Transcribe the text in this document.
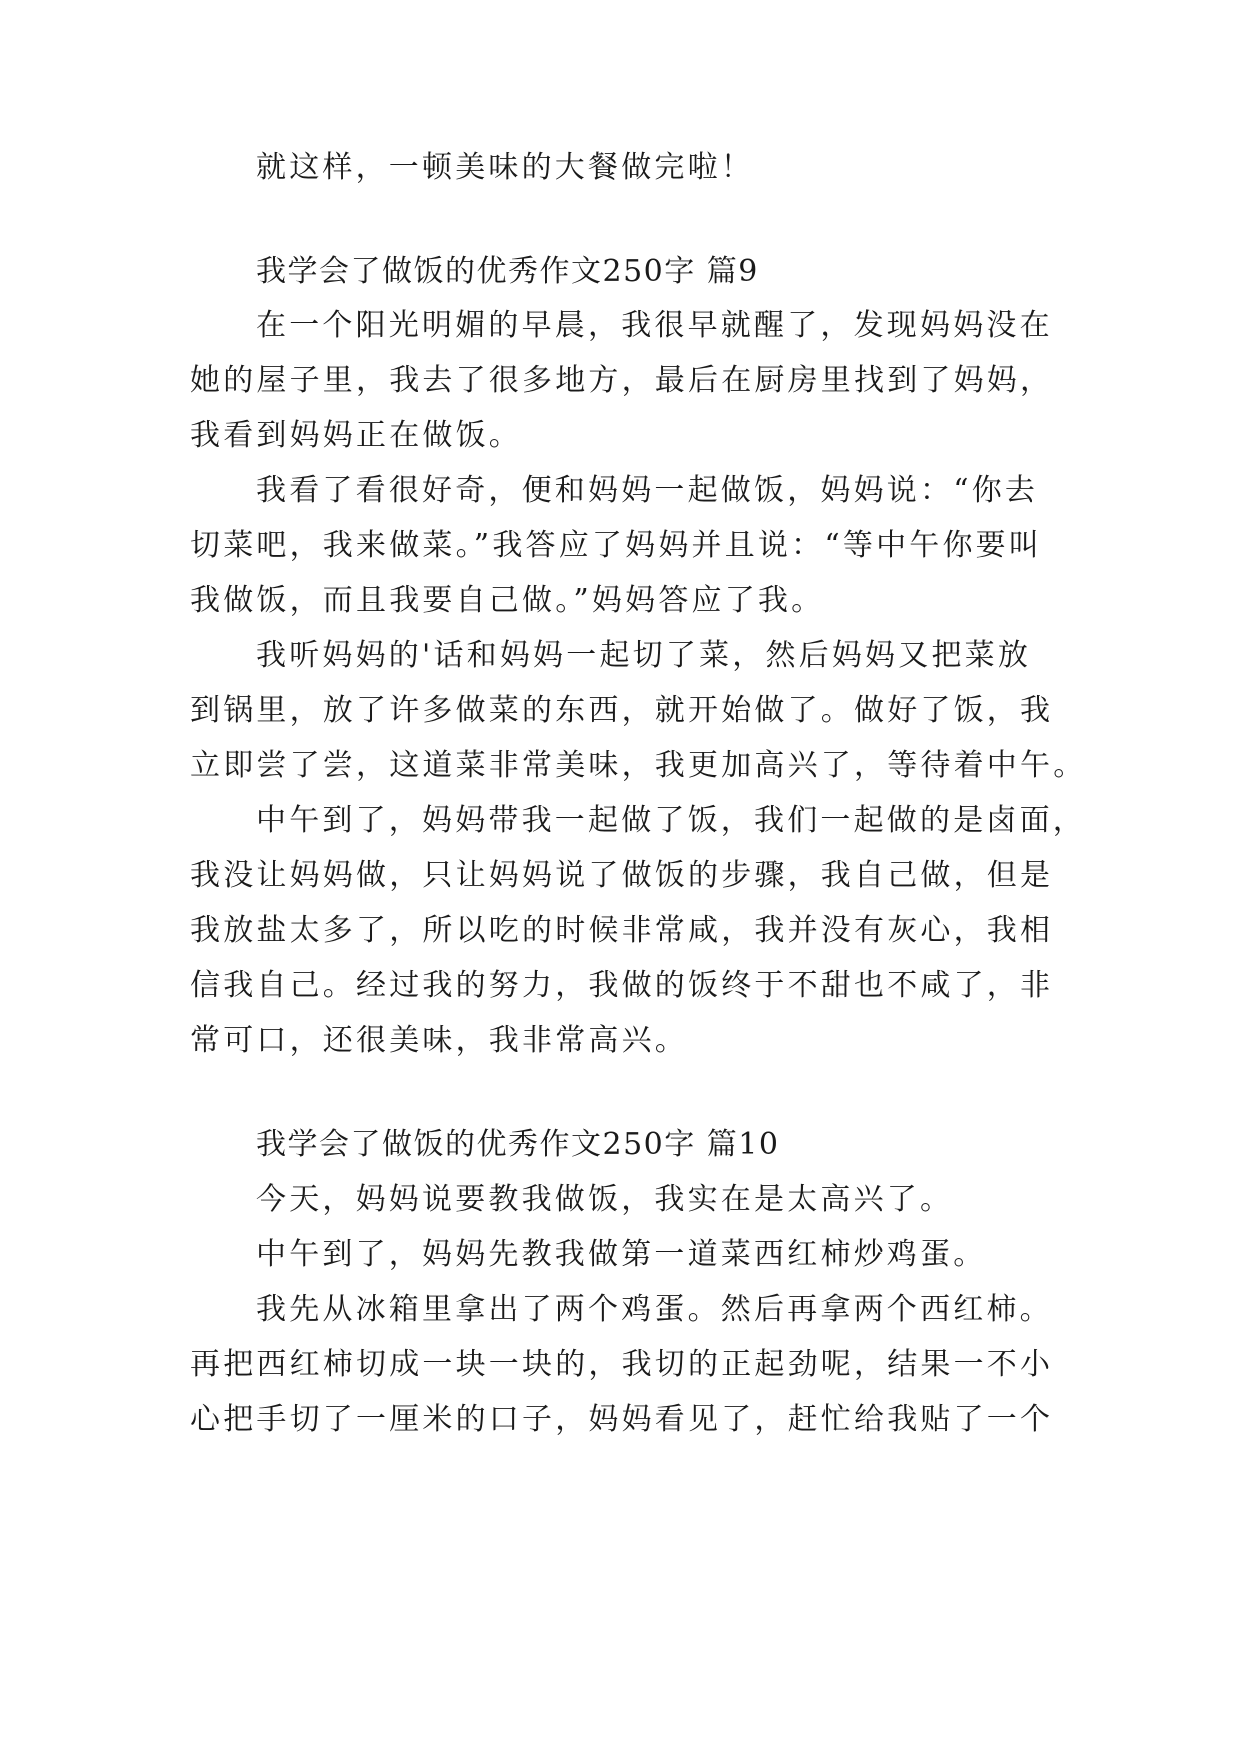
就这样，一顿美味的大餐做完啦！
我学会了做饭的优秀作文250字 篇9
在一个阳光明媚的早晨，我很早就醒了，发现妈妈没在
她的屋子里，我去了很多地方，最后在厨房里找到了妈妈，
我看到妈妈正在做饭。
我看了看很好奇，便和妈妈一起做饭，妈妈说：“你去
切菜吧，我来做菜。”我答应了妈妈并且说：“等中午你要叫
我做饭，而且我要自己做。”妈妈答应了我。
我听妈妈的'话和妈妈一起切了菜，然后妈妈又把菜放
到锅里，放了许多做菜的东西，就开始做了。做好了饭，我
立即尝了尝，这道菜非常美味，我更加高兴了，等待着中午。
中午到了，妈妈带我一起做了饭，我们一起做的是卤面，
我没让妈妈做，只让妈妈说了做饭的步骤，我自己做，但是
我放盐太多了，所以吃的时候非常咸，我并没有灰心，我相
信我自己。经过我的努力，我做的饭终于不甜也不咸了，非
常可口，还很美味，我非常高兴。
我学会了做饭的优秀作文250字 篇10
今天，妈妈说要教我做饭，我实在是太高兴了。
中午到了，妈妈先教我做第一道菜西红柿炒鸡蛋。
我先从冰箱里拿出了两个鸡蛋。然后再拿两个西红柿。
再把西红柿切成一块一块的，我切的正起劲呢，结果一不小
心把手切了一厘米的口子，妈妈看见了，赶忙给我贴了一个
